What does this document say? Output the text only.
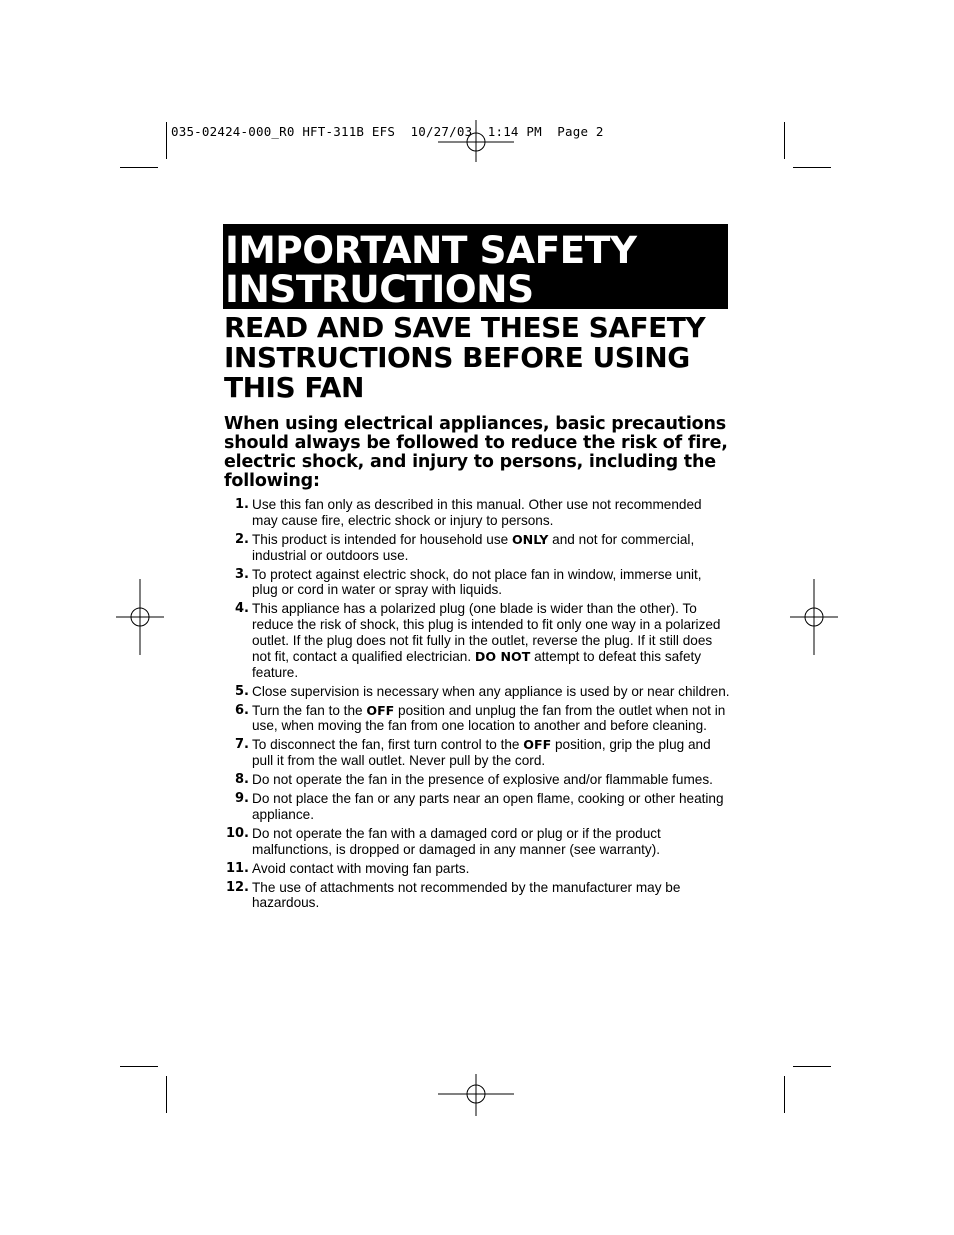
035-02424-000_R0 HFT-311B EFS  10/27/03  1:14 PM  Page 2
IMPORTANT SAFETY INSTRUCTIONS
READ AND SAVE THESE SAFETY INSTRUCTIONS BEFORE USING THIS FAN

When using electrical appliances, basic precautions should always be followed to reduce the risk of fire, electric shock, and injury to persons, including the following:

1. Use this fan only as described in this manual. Other use not recommended may cause fire, electric shock or injury to persons.
2. This product is intended for household use ONLY and not for commercial, industrial or outdoors use.
3. To protect against electric shock, do not place fan in window, immerse unit, plug or cord in water or spray with liquids.
4. This appliance has a polarized plug (one blade is wider than the other). To reduce the risk of shock, this plug is intended to fit only one way in a polarized outlet. If the plug does not fit fully in the outlet, reverse the plug. If it still does not fit, contact a qualified electrician. DO NOT attempt to defeat this safety feature.
5. Close supervision is necessary when any appliance is used by or near children.
6. Turn the fan to the OFF position and unplug the fan from the outlet when not in use, when moving the fan from one location to another and before cleaning.
7. To disconnect the fan, first turn control to the OFF position, grip the plug and pull it from the wall outlet. Never pull by the cord.
8. Do not operate the fan in the presence of explosive and/or flammable fumes.
9. Do not place the fan or any parts near an open flame, cooking or other heating appliance.
10. Do not operate the fan with a damaged cord or plug or if the product malfunctions, is dropped or damaged in any manner (see warranty).
11. Avoid contact with moving fan parts.
12. The use of attachments not recommended by the manufacturer may be hazardous.
